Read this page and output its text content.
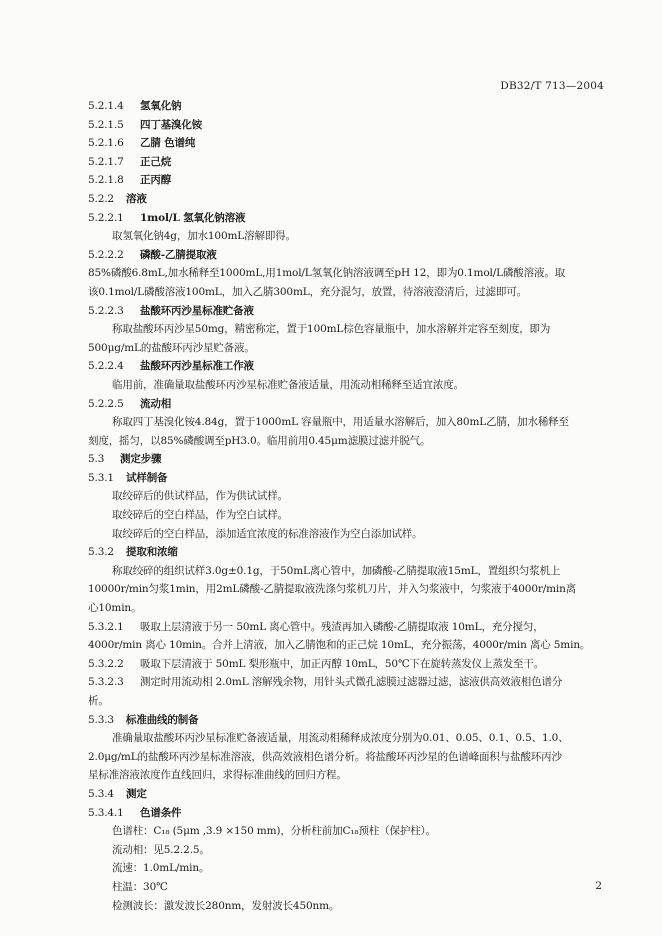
DB32/T 713—2004
5.2.1.4 氢氧化钠
5.2.1.5 四丁基溴化铵
5.2.1.6 乙腈 色谱纯
5.2.1.7 正己烷
5.2.1.8 正丙醇
5.2.2 溶液
5.2.2.1 1mol/L 氢氧化钠溶液
取氢氧化钠4g，加水100mL溶解即得。
5.2.2.2 磷酸-乙腈提取液
85%磷酸6.8mL,加水稀释至1000mL,用1mol/L氢氧化钠溶液调至pH 12，即为0.1mol/L磷酸溶液。取
该0.1mol/L磷酸溶液100mL，加入乙腈300mL，充分混匀，放置，待溶液澄清后，过滤即可。
5.2.2.3 盐酸环丙沙星标准贮备液
称取盐酸环丙沙星50mg，精密称定，置于100mL棕色容量瓶中，加水溶解并定容至刻度，即为
500μg/mL的盐酸环丙沙星贮备液。
5.2.2.4 盐酸环丙沙星标准工作液
临用前，准确量取盐酸环丙沙星标准贮备液适量，用流动相稀释至适宜浓度。
5.2.2.5 流动相
称取四丁基溴化铵4.84g，置于1000mL 容量瓶中，用适量水溶解后，加入80mL乙腈，加水稀释至
刻度，摇匀，以85%磷酸调至pH3.0。临用前用0.45μm滤膜过滤并脱气。
5.3 测定步骤
5.3.1 试样制备
取绞碎后的供试样品，作为供试试样。
取绞碎后的空白样品，作为空白试样。
取绞碎后的空白样品，添加适宜浓度的标准溶液作为空白添加试样。
5.3.2 提取和浓缩
称取绞碎的组织试样3.0g±0.1g，于50mL离心管中，加磷酸-乙腈提取液15mL，置组织匀浆机上
10000r/min匀浆1min，用2mL磷酸-乙腈提取液洗涤匀浆机刀片，并入匀浆液中，匀浆液于4000r/min离
心10min。
5.3.2.1 吸取上层清液于另一 50mL 离心管中。残渣再加入磷酸-乙腈提取液 10mL，充分搅匀，
4000r/min 离心 10min。合并上清液，加入乙腈饱和的正己烷 10mL，充分振荡，4000r/min 离心 5min。
5.3.2.2 吸取下层清液于 50mL 梨形瓶中，加正丙醇 10mL，50℃下在旋转蒸发仪上蒸发至干。
5.3.2.3 测定时用流动相 2.0mL 溶解残余物，用针头式微孔滤膜过滤器过滤，滤液供高效液相色谱分
析。
5.3.3 标准曲线的制备
准确量取盐酸环丙沙星标准贮备液适量，用流动相稀释成浓度分别为0.01、0.05、0.1、0.5、1.0、
2.0μg/mL的盐酸环丙沙星标准溶液，供高效液相色谱分析。将盐酸环丙沙星的色谱峰面积与盐酸环丙沙
星标准溶液浓度作直线回归，求得标准曲线的回归方程。
5.3.4 测定
5.3.4.1 色谱条件
色谱柱：C₁₈ (5μm ,3.9 ×150 mm)，分析柱前加C₁₈预柱（保护柱）。
流动相：见5.2.2.5。
流速：1.0mL/min。
柱温：30℃
检测波长：激发波长280nm，发射波长450nm。
2
